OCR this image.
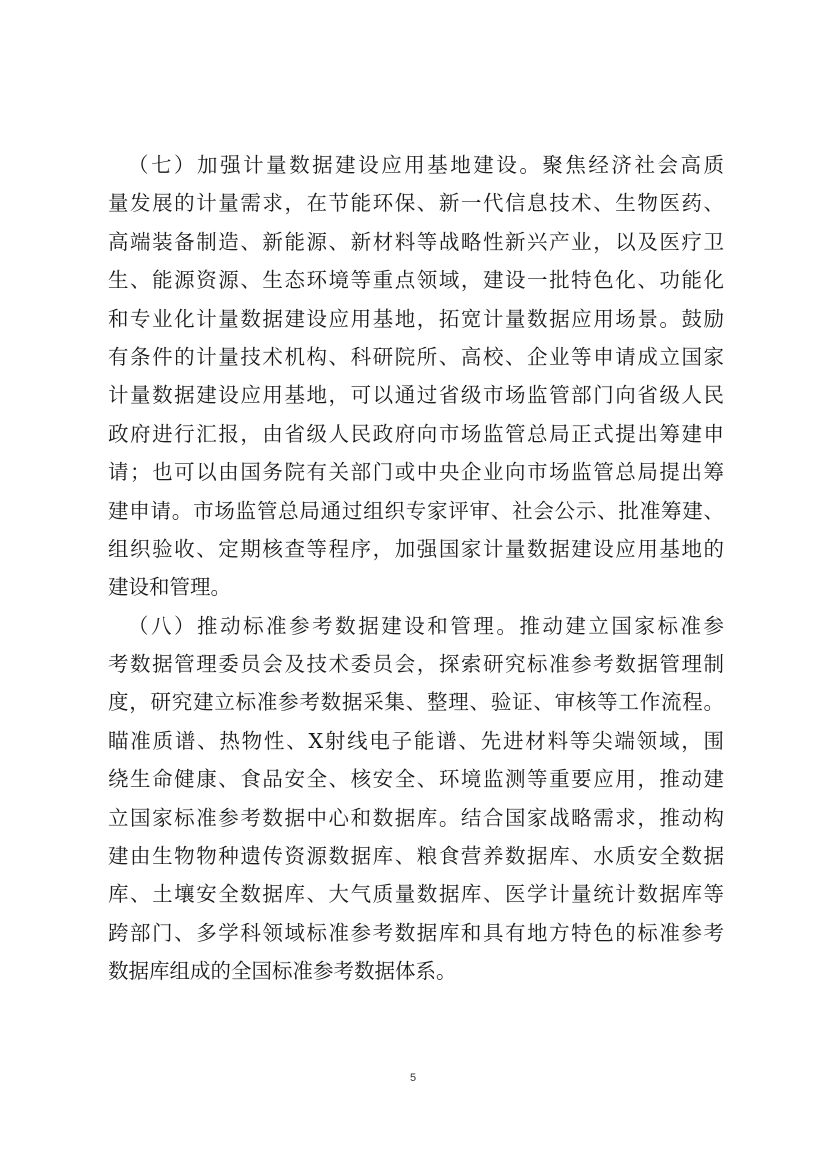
（七）加强计量数据建设应用基地建设。聚焦经济社会高质
量发展的计量需求，在节能环保、新一代信息技术、生物医药、
高端装备制造、新能源、新材料等战略性新兴产业，以及医疗卫
生、能源资源、生态环境等重点领域，建设一批特色化、功能化
和专业化计量数据建设应用基地，拓宽计量数据应用场景。鼓励
有条件的计量技术机构、科研院所、高校、企业等申请成立国家
计量数据建设应用基地，可以通过省级市场监管部门向省级人民
政府进行汇报，由省级人民政府向市场监管总局正式提出筹建申
请；也可以由国务院有关部门或中央企业向市场监管总局提出筹
建申请。市场监管总局通过组织专家评审、社会公示、批准筹建、
组织验收、定期核查等程序，加强国家计量数据建设应用基地的
建设和管理。
（八）推动标准参考数据建设和管理。推动建立国家标准参
考数据管理委员会及技术委员会，探索研究标准参考数据管理制
度，研究建立标准参考数据采集、整理、验证、审核等工作流程。
瞄准质谱、热物性、X射线电子能谱、先进材料等尖端领域，围
绕生命健康、食品安全、核安全、环境监测等重要应用，推动建
立国家标准参考数据中心和数据库。结合国家战略需求，推动构
建由生物物种遗传资源数据库、粮食营养数据库、水质安全数据
库、土壤安全数据库、大气质量数据库、医学计量统计数据库等
跨部门、多学科领域标准参考数据库和具有地方特色的标准参考
数据库组成的全国标准参考数据体系。
5
